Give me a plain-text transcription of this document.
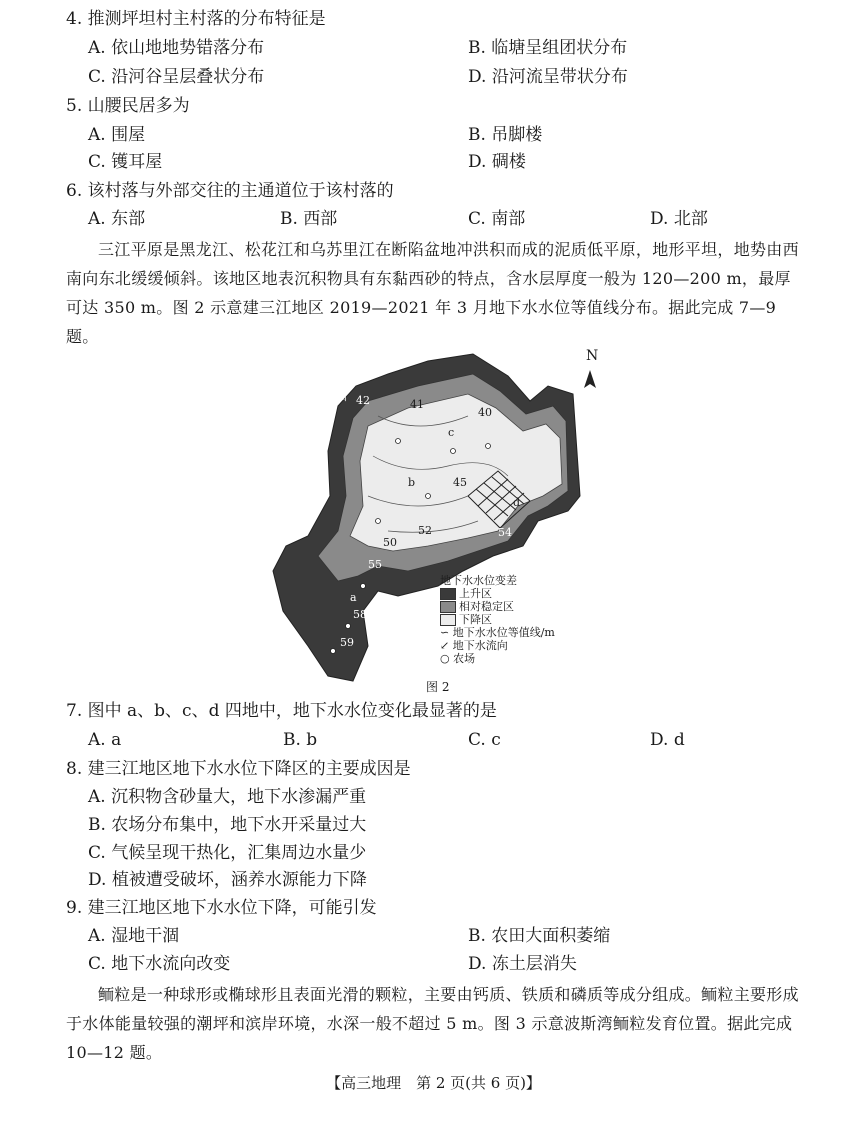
4. 推测坪坦村主村落的分布特征是
A. 依山地地势错落分布	B. 临塘呈组团状分布
C. 沿河谷呈层叠状分布	D. 沿河流呈带状分布
5. 山腰民居多为
A. 围屋	B. 吊脚楼
C. 镬耳屋	D. 碉楼
6. 该村落与外部交往的主通道位于该村落的
A. 东部	B. 西部	C. 南部	D. 北部
三江平原是黑龙江、松花江和乌苏里江在断陷盆地冲洪积而成的泥质低平原，地形平坦，地势由西南向东北缓缓倾斜。该地区地表沉积物具有东黏西砂的特点，含水层厚度一般为 120—200 m，最厚可达 350 m。图 2 示意建三江地区 2019—2021 年 3 月地下水水位等值线分布。据此完成 7—9 题。
N
山 42
d
c
b
a
41
40
45
52
50
55
58
59
54
地下水水位变差
上升区
相对稳定区
下降区
∽ 地下水水位等值线/m
↙ 地下水流向
○ 农场
图 2
7. 图中 a、b、c、d 四地中，地下水水位变化最显著的是
A. a	B. b	C. c	D. d
8. 建三江地区地下水水位下降区的主要成因是
A. 沉积物含砂量大，地下水渗漏严重
B. 农场分布集中，地下水开采量过大
C. 气候呈现干热化，汇集周边水量少
D. 植被遭受破坏，涵养水源能力下降
9. 建三江地区地下水水位下降，可能引发
A. 湿地干涸	B. 农田大面积萎缩
C. 地下水流向改变	D. 冻土层消失
鲕粒是一种球形或椭球形且表面光滑的颗粒，主要由钙质、铁质和磷质等成分组成。鲕粒主要形成于水体能量较强的潮坪和滨岸环境，水深一般不超过 5 m。图 3 示意波斯湾鲕粒发育位置。据此完成 10—12 题。
【高三地理　第 2 页(共 6 页)】
